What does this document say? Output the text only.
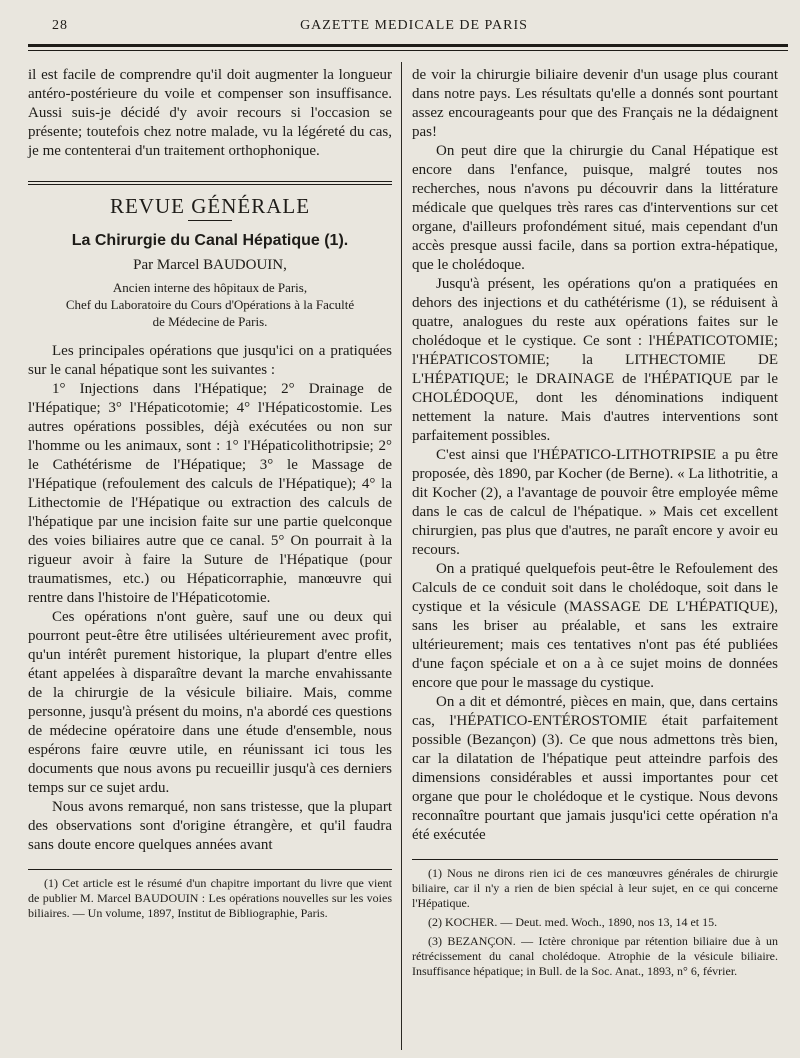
28	GAZETTE MEDICALE DE PARIS

il est facile de comprendre qu'il doit augmenter la longueur antéro-postérieure du voile et compenser son insuffisance. Aussi suis-je décidé d'y avoir recours si l'occasion se présente; toutefois chez notre malade, vu la légéreté du cas, je me contenterai d'un traitement orthophonique.

REVUE GÉNÉRALE
La Chirurgie du Canal Hépatique (1).
Par Marcel BAUDOUIN,

Ancien interne des hôpitaux de Paris,

Chef du Laboratoire du Cours d'Opérations à la Faculté

de Médecine de Paris.

Les principales opérations que jusqu'ici on a pratiquées sur le canal hépatique sont les suivantes :

1° Injections dans l'Hépatique; 2° Drainage de l'Hépatique; 3° l'Hépaticotomie; 4° l'Hépaticostomie. Les autres opérations possibles, déjà exécutées ou non sur l'homme ou les animaux, sont : 1° l'Hépaticolithotripsie; 2° le Cathétérisme de l'Hépatique; 3° le Massage de l'Hépatique (refoulement des calculs de l'Hépatique); 4° la Lithectomie de l'Hépatique ou extraction des calculs de l'hépatique par une incision faite sur une partie quelconque des voies biliaires autre que ce canal. 5° On pourrait à la rigueur avoir à faire la Suture de l'Hépatique (pour traumatismes, etc.) ou Hépaticorraphie, manœuvre qui rentre dans l'histoire de l'Hépaticotomie.

Ces opérations n'ont guère, sauf une ou deux qui pourront peut-être être utilisées ultérieurement avec profit, qu'un intérêt purement historique, la plupart d'entre elles étant appelées à disparaître devant la marche envahissante de la chirurgie de la vésicule biliaire. Mais, comme personne, jusqu'à présent du moins, n'a abordé ces questions de médecine opératoire dans une étude d'ensemble, nous espérons faire œuvre utile, en réunissant ici tous les documents que nous avons pu recueillir jusqu'à ces derniers temps sur ce sujet ardu.

Nous avons remarqué, non sans tristesse, que la plupart des observations sont d'origine étrangère, et qu'il faudra sans doute encore quelques années avant

(1) Cet article est le résumé d'un chapitre important du livre que vient de publier M. Marcel BAUDOUIN : Les opérations nouvelles sur les voies biliaires. — Un volume, 1897, Institut de Bibliographie, Paris.

de voir la chirurgie biliaire devenir d'un usage plus courant dans notre pays. Les résultats qu'elle a donnés sont pourtant assez encourageants pour que des Français ne la dédaignent pas!

On peut dire que la chirurgie du Canal Hépatique est encore dans l'enfance, puisque, malgré toutes nos recherches, nous n'avons pu découvrir dans la littérature médicale que quelques très rares cas d'interventions sur cet organe, d'ailleurs profondément situé, mais cependant d'un accès presque aussi facile, dans sa portion extra-hépatique, que le cholédoque.

Jusqu'à présent, les opérations qu'on a pratiquées en dehors des injections et du cathétérisme (1), se réduisent à quatre, analogues du reste aux opérations faites sur le cholédoque et le cystique. Ce sont : l'HÉPATICOTOMIE; l'HÉPATICOSTOMIE; la LITHECTOMIE DE L'HÉPATIQUE; le DRAINAGE de l'HÉPATIQUE par le CHOLÉDOQUE, dont les dénominations indiquent nettement la nature. Mais d'autres interventions sont parfaitement possibles.

C'est ainsi que l'HÉPATICO-LITHOTRIPSIE a pu être proposée, dès 1890, par Kocher (de Berne). « La lithotritie, a dit Kocher (2), a l'avantage de pouvoir être employée même dans le cas de calcul de l'hépatique. » Mais cet excellent chirurgien, pas plus que d'autres, ne paraît encore y avoir eu recours.

On a pratiqué quelquefois peut-être le Refoulement des Calculs de ce conduit soit dans le cholédoque, soit dans le cystique et la vésicule (MASSAGE DE L'HÉPATIQUE), sans les briser au préalable, et sans les extraire ultérieurement; mais ces tentatives n'ont pas été publiées d'une façon spéciale et on a à ce sujet moins de données encore que pour le massage du cystique.

On a dit et démontré, pièces en main, que, dans certains cas, l'HÉPATICO-ENTÉROSTOMIE était parfaitement possible (Bezançon) (3). Ce que nous admettons très bien, car la dilatation de l'hépatique peut atteindre parfois des dimensions considérables et aussi importantes pour cet organe que pour le cholédoque et le cystique. Nous devons reconnaître pourtant que jamais jusqu'ici cette opération n'a été exécutée

(1) Nous ne dirons rien ici de ces manœuvres générales de chirurgie biliaire, car il n'y a rien de bien spécial à leur sujet, en ce qui concerne l'Hépatique.

(2) KOCHER. — Deut. med. Woch., 1890, nos 13, 14 et 15.

(3) BEZANÇON. — Ictère chronique par rétention biliaire due à un rétrécissement du canal cholédoque. Atrophie de la vésicule biliaire. Insuffisance hépatique; in Bull. de la Soc. Anat., 1893, n° 6, février.
